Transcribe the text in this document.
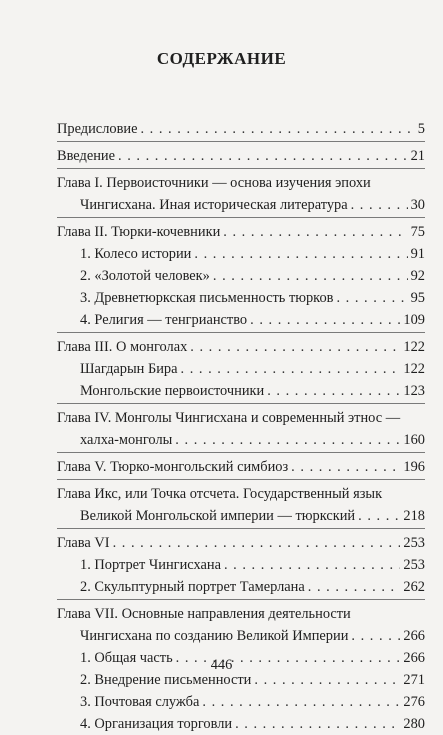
СОДЕРЖАНИЕ
Предисловие . . .	5
Введение . . .	21
Глава I. Первоисточники — основа изучения эпохи
Чингисхана. Иная историческая литература . . .	30
Глава II. Тюрки-кочевники . . .	75
1. Колесо истории . . .	91
2. «Золотой человек» . . .	92
3. Древнетюркская письменность тюрков . . .	95
4. Религия — тенгрианство . . .	109
Глава III. О монголах . . .	122
Шагдарын Бира . . .	122
Монгольские первоисточники . . .	123
Глава IV. Монголы Чингисхана и современный этнос —
халха-монголы . . .	160
Глава V. Тюрко-монгольский симбиоз . . .	196
Глава Икс, или Точка отсчета. Государственный язык
Великой Монгольской империи — тюркский . . .	218
Глава VI . . .	253
1. Портрет Чингисхана . . .	253
2. Скульптурный портрет Тамерлана . . .	262
Глава VII. Основные направления деятельности
Чингисхана по созданию Великой Империи . . .	266
1. Общая часть . . .	266
2. Внедрение письменности . . .	271
3. Почтовая служба . . .	276
4. Организация торговли . . .	280
446
